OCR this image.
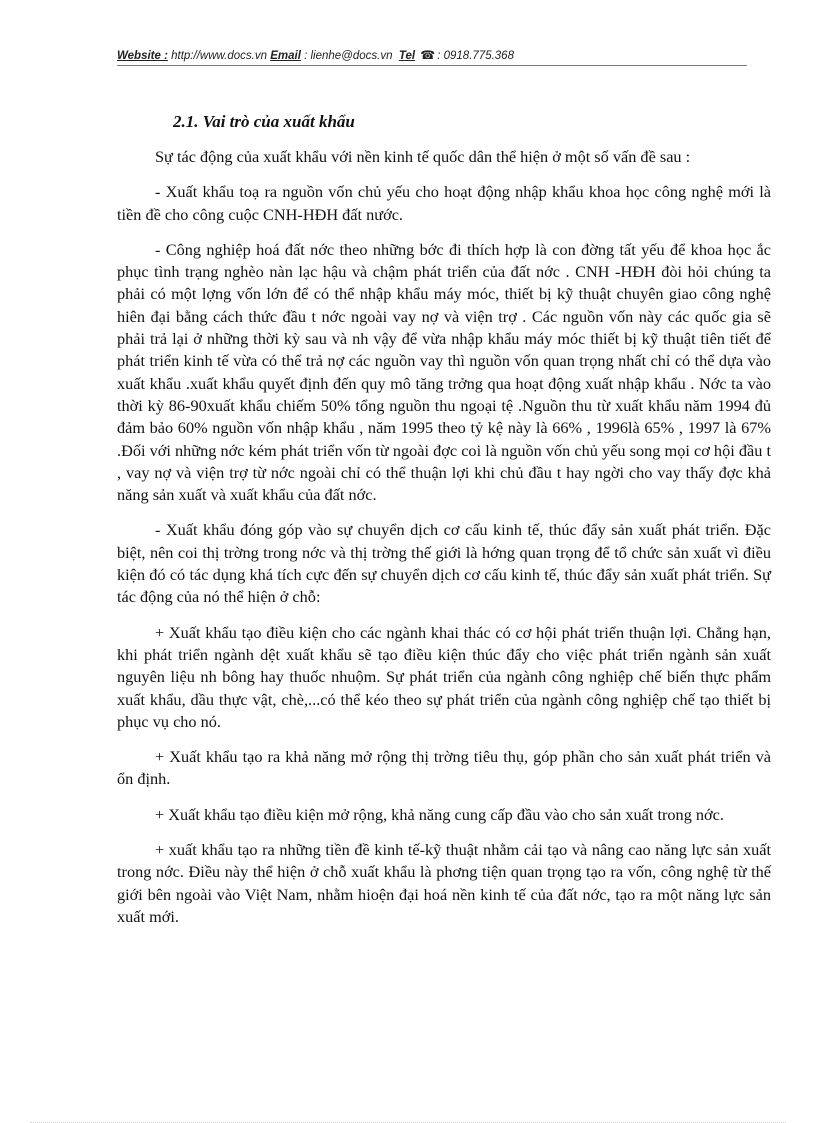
Website : http://www.docs.vn Email : lienhe@docs.vn Tel ☎ : 0918.775.368
2.1. Vai trò của xuất khẩu

Sự tác động của xuất khẩu với nền kinh tế quốc dân thể hiện ở một số vấn đề sau :

- Xuất khẩu toạ ra nguồn vốn chủ yếu cho hoạt động nhập khẩu khoa học công nghệ mới là tiền đề cho công cuộc CNH-HĐH đất nước.

- Công nghiệp hoá đất nớc theo những bớc đi thích hợp là con đờng tất yếu để khoa học ắc phục tình trạng nghèo nàn lạc hậu và chậm phát triển của đất nớc . CNH -HĐH đòi hỏi chúng ta phải có một lợng vốn lớn để có thể nhập khẩu máy móc, thiết bị kỹ thuật chuyên giao công nghệ hiên đại bằng cách thức đầu t nớc ngoài vay nợ và viện trợ . Các nguồn vốn này các quốc gia sẽ phải trả lại ở những thời kỳ sau và nh vậy để vừa nhập khẩu máy móc thiết bị kỹ thuật tiên tiết để phát triển kinh tế vừa có thể trả nợ các nguồn vay thì nguồn vốn quan trọng nhất chỉ có thể dựa vào xuất khẩu .xuất khẩu quyết định đến quy mô tăng trởng qua hoạt động xuất nhập khẩu . Nớc ta vào thời kỳ 86-90xuất khẩu chiếm 50% tổng nguồn thu ngoại tệ .Nguồn thu từ xuất khẩu năm 1994 đủ đảm bảo 60% nguồn vốn nhập khẩu , năm 1995 theo tỷ kệ này là 66% , 1996là 65% , 1997 là 67% .Đối với những nớc kém phát triển vốn từ ngoài đợc coi là nguồn vốn chủ yếu song mọi cơ hội đầu t , vay nợ và viện trợ từ nớc ngoài chỉ có thể thuận lợi khi chủ đầu t hay ngời cho vay thấy đợc khả năng sản xuất và xuất khẩu của đất nớc.

- Xuất khẩu đóng góp vào sự chuyển dịch cơ cấu kinh tế, thúc đẩy sản xuất phát triển. Đặc biệt, nên coi thị trờng trong nớc và thị trờng thế giới là hớng quan trọng để tổ chức sản xuất vì điều kiện đó có tác dụng khá tích cực đến sự chuyển dịch cơ cấu kinh tế, thúc đẩy sản xuất phát triển. Sự tác động của nó thể hiện ở chỗ:

+ Xuất khẩu tạo điều kiện cho các ngành khai thác có cơ hội phát triển thuận lợi. Chẳng hạn, khi phát triển ngành dệt xuất khẩu sẽ tạo điều kiện thúc đẩy cho việc phát triển ngành sản xuất nguyên liệu nh bông hay thuốc nhuộm. Sự phát triển của ngành công nghiệp chế biến thực phẩm xuất khẩu, dầu thực vật, chè,...có thể kéo theo sự phát triển của ngành công nghiệp chế tạo thiết bị phục vụ cho nó.

+ Xuất khẩu tạo ra khả năng mở rộng thị trờng tiêu thụ, góp phần cho sản xuất phát triển và ổn định.

+ Xuất khẩu tạo điều kiện mở rộng, khả năng cung cấp đầu vào cho sản xuất trong nớc.

+ xuất khẩu tạo ra những tiền đề kinh tế-kỹ thuật nhằm cải tạo và nâng cao năng lực sản xuất trong nớc. Điều này thể hiện ở chỗ xuất khẩu là phơng tiện quan trọng tạo ra vốn, công nghệ từ thế giới bên ngoài vào Việt Nam, nhằm hioện đại hoá nền kinh tế của đất nớc, tạo ra một năng lực sản xuất mới.
